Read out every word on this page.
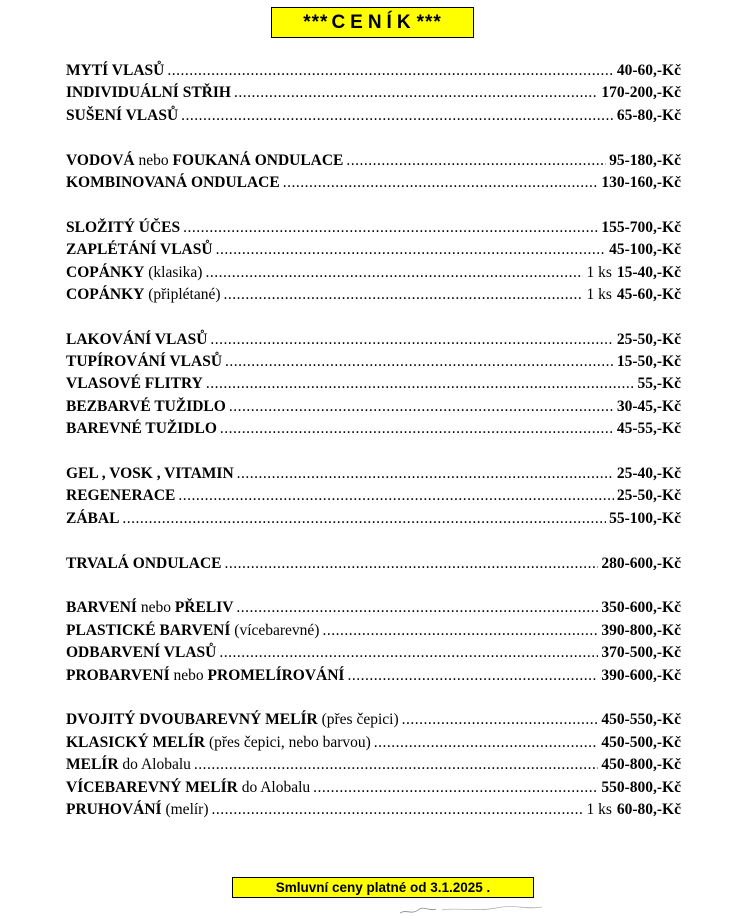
*** CENÍK ***
MYTÍ VLASŮ .....	40-60,-Kč
INDIVIDUÁLNÍ STŘIH .....	170-200,-Kč
SUŠENÍ VLASŮ .....	65-80,-Kč
VODOVÁ nebo FOUKANÁ ONDULACE .....	95-180,-Kč
KOMBINOVANÁ ONDULACE .....	130-160,-Kč
SLOŽITÝ ÚČES .....	155-700,-Kč
ZAPLÉTÁNÍ VLASŮ .....	45-100,-Kč
COPÁNKY (klasika) .....	1 ks 15-40,-Kč
COPÁNKY (připlétané) .....	1 ks 45-60,-Kč
LAKOVÁNÍ VLASŮ .....	25-50,-Kč
TUPÍROVÁNÍ VLASŮ .....	15-50,-Kč
VLASOVÉ FLITRY .....	55,-Kč
BEZBARVÉ TUŽIDLO .....	30-45,-Kč
BAREVNÉ TUŽIDLO .....	45-55,-Kč
GEL , VOSK , VITAMIN .....	25-40,-Kč
REGENERACE .....	25-50,-Kč
ZÁBAL .....	55-100,-Kč
TRVALÁ ONDULACE .....	280-600,-Kč
BARVENÍ nebo PŘELIV .....	350-600,-Kč
PLASTICKÉ BARVENÍ (vícebarevné) .....	390-800,-Kč
ODBARVENÍ VLASŮ .....	370-500,-Kč
PROBARVENÍ nebo PROMELÍROVÁNÍ .....	390-600,-Kč
DVOJITÝ DVOUBAREVNÝ MELÍR (přes čepici) .....	450-550,-Kč
KLASICKÝ MELÍR (přes čepici, nebo barvou) .....	450-500,-Kč
MELÍR do Alobalu .....	450-800,-Kč
VÍCEBAREVNÝ MELÍR do Alobalu .....	550-800,-Kč
PRUHOVÁNÍ (melír) .....	1 ks 60-80,-Kč
Smluvní ceny platné od 3.1.2025 .
